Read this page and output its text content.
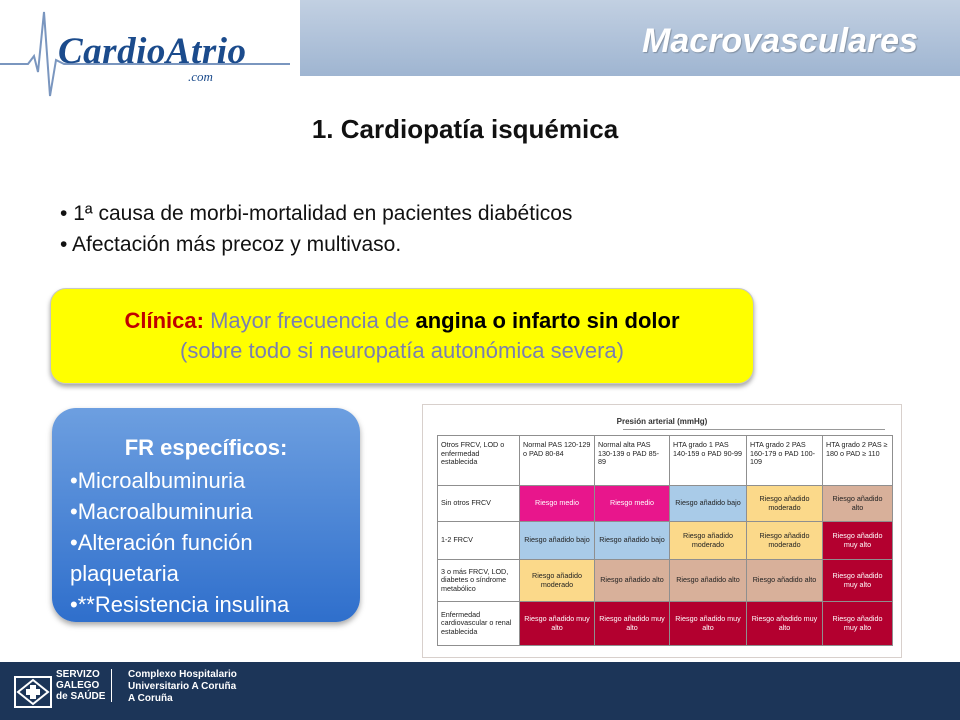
CardioAtrio
.com
Macrovasculares
1. Cardiopatía isquémica
• 1ª causa de morbi-mortalidad en pacientes diabéticos
• Afectación más precoz y multivaso.
Clínica: Mayor frecuencia de angina o infarto sin dolor
(sobre todo si neuropatía autonómica severa)
FR específicos:
• Microalbuminuria
• Macroalbuminuria
• Alteración función plaquetaria
• **Resistencia insulina
Presión arterial (mmHg)
Otros FRCV, LOD o enfermedad establecida	Normal PAS 120-129 o PAD 80-84	Normal alta PAS 130-139 o PAD 85-89	HTA grado 1 PAS 140-159 o PAD 90-99	HTA grado 2 PAS 160-179 o PAD 100-109	HTA grado 2 PAS ≥ 180 o PAD ≥ 110
Sin otros FRCV	Riesgo medio	Riesgo medio	Riesgo añadido bajo	Riesgo añadido moderado	Riesgo añadido alto
1-2 FRCV	Riesgo añadido bajo	Riesgo añadido bajo	Riesgo añadido moderado	Riesgo añadido moderado	Riesgo añadido muy alto
3 o más FRCV, LOD, diabetes o síndrome metabólico	Riesgo añadido moderado	Riesgo añadido alto	Riesgo añadido alto	Riesgo añadido alto	Riesgo añadido muy alto
Enfermedad cardiovascular o renal establecida	Riesgo añadido muy alto	Riesgo añadido muy alto	Riesgo añadido muy alto	Riesgo añadido muy alto	Riesgo añadido muy alto
SERVIZO
GALEGO
de SAÚDE
Complexo Hospitalario
Universitario A Coruña
A Coruña
